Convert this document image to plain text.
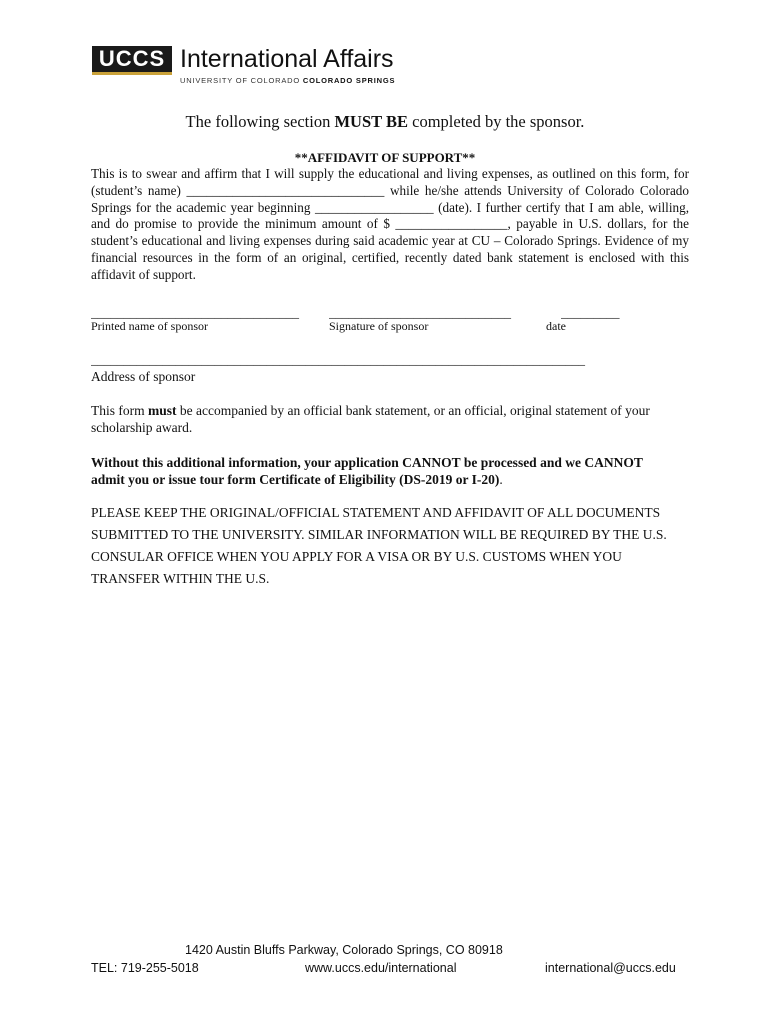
UCCS International Affairs
UNIVERSITY OF COLORADO COLORADO SPRINGS
The following section MUST BE completed by the sponsor.
**AFFIDAVIT OF SUPPORT**
This is to swear and affirm that I will supply the educational and living expenses, as outlined on this form, for (student’s name) ______________________________ while he/she attends University of Colorado Colorado Springs for the academic year beginning __________________ (date). I further certify that I am able, willing, and do promise to provide the minimum amount of $ _________________, payable in U.S. dollars, for the student’s educational and living expenses during said academic year at CU – Colorado Springs. Evidence of my financial resources in the form of an original, certified, recently dated bank statement is enclosed with this affidavit of support.
________________________________
Printed name of sponsor
____________________________
Signature of sponsor
_________
date
____________________________________________________________________________
Address of sponsor
This form must be accompanied by an official bank statement, or an official, original statement of your scholarship award.
Without this additional information, your application CANNOT be processed and we CANNOT admit you or issue tour form Certificate of Eligibility (DS-2019 or I-20).
PLEASE KEEP THE ORIGINAL/OFFICIAL STATEMENT AND AFFIDAVIT OF ALL DOCUMENTS SUBMITTED TO THE UNIVERSITY. SIMILAR INFORMATION WILL BE REQUIRED BY THE U.S. CONSULAR OFFICE WHEN YOU APPLY FOR A VISA OR BY U.S. CUSTOMS WHEN YOU TRANSFER WITHIN THE U.S.
1420 Austin Bluffs Parkway, Colorado Springs, CO 80918
TEL: 719-255-5018	www.uccs.edu/international	international@uccs.edu
